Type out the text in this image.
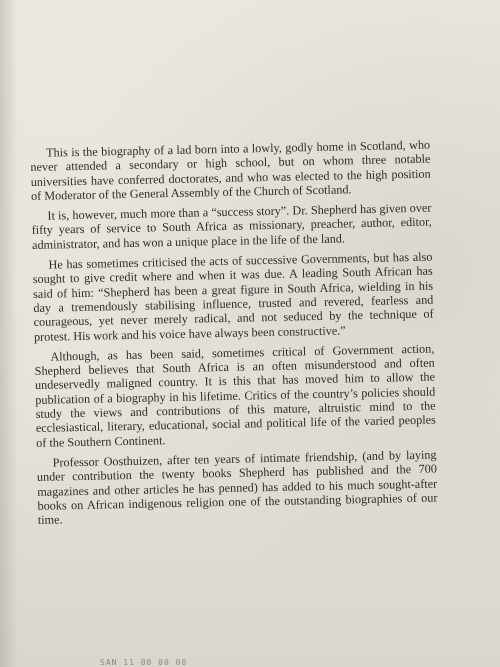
This is the biography of a lad born into a lowly, godly home in Scotland, who never attended a secondary or high school, but on whom three notable universities have conferred doctorates, and who was elected to the high position of Moderator of the General Assembly of the Church of Scotland.

It is, however, much more than a “success story”. Dr. Shepherd has given over fifty years of service to South Africa as missionary, preacher, author, editor, administrator, and has won a unique place in the life of the land.

He has sometimes criticised the acts of successive Governments, but has also sought to give credit where and when it was due. A leading South African has said of him: “Shepherd has been a great figure in South Africa, wielding in his day a tremendously stabilising influence, trusted and revered, fearless and courageous, yet never merely radical, and not seduced by the technique of protest. His work and his voice have always been constructive.”

Although, as has been said, sometimes critical of Government action, Shepherd believes that South Africa is an often misunderstood and often undeservedly maligned country. It is this that has moved him to allow the publication of a biography in his lifetime. Critics of the country’s policies should study the views and contributions of this mature, altruistic mind to the ecclesiastical, literary, educational, social and political life of the varied peoples of the Southern Continent.

Professor Oosthuizen, after ten years of intimate friendship, (and by laying under contribution the twenty books Shepherd has published and the 700 magazines and other articles he has penned) has added to his much sought-after books on African indigenous religion one of the outstanding biographies of our time.

SAN 11 00 00 00
